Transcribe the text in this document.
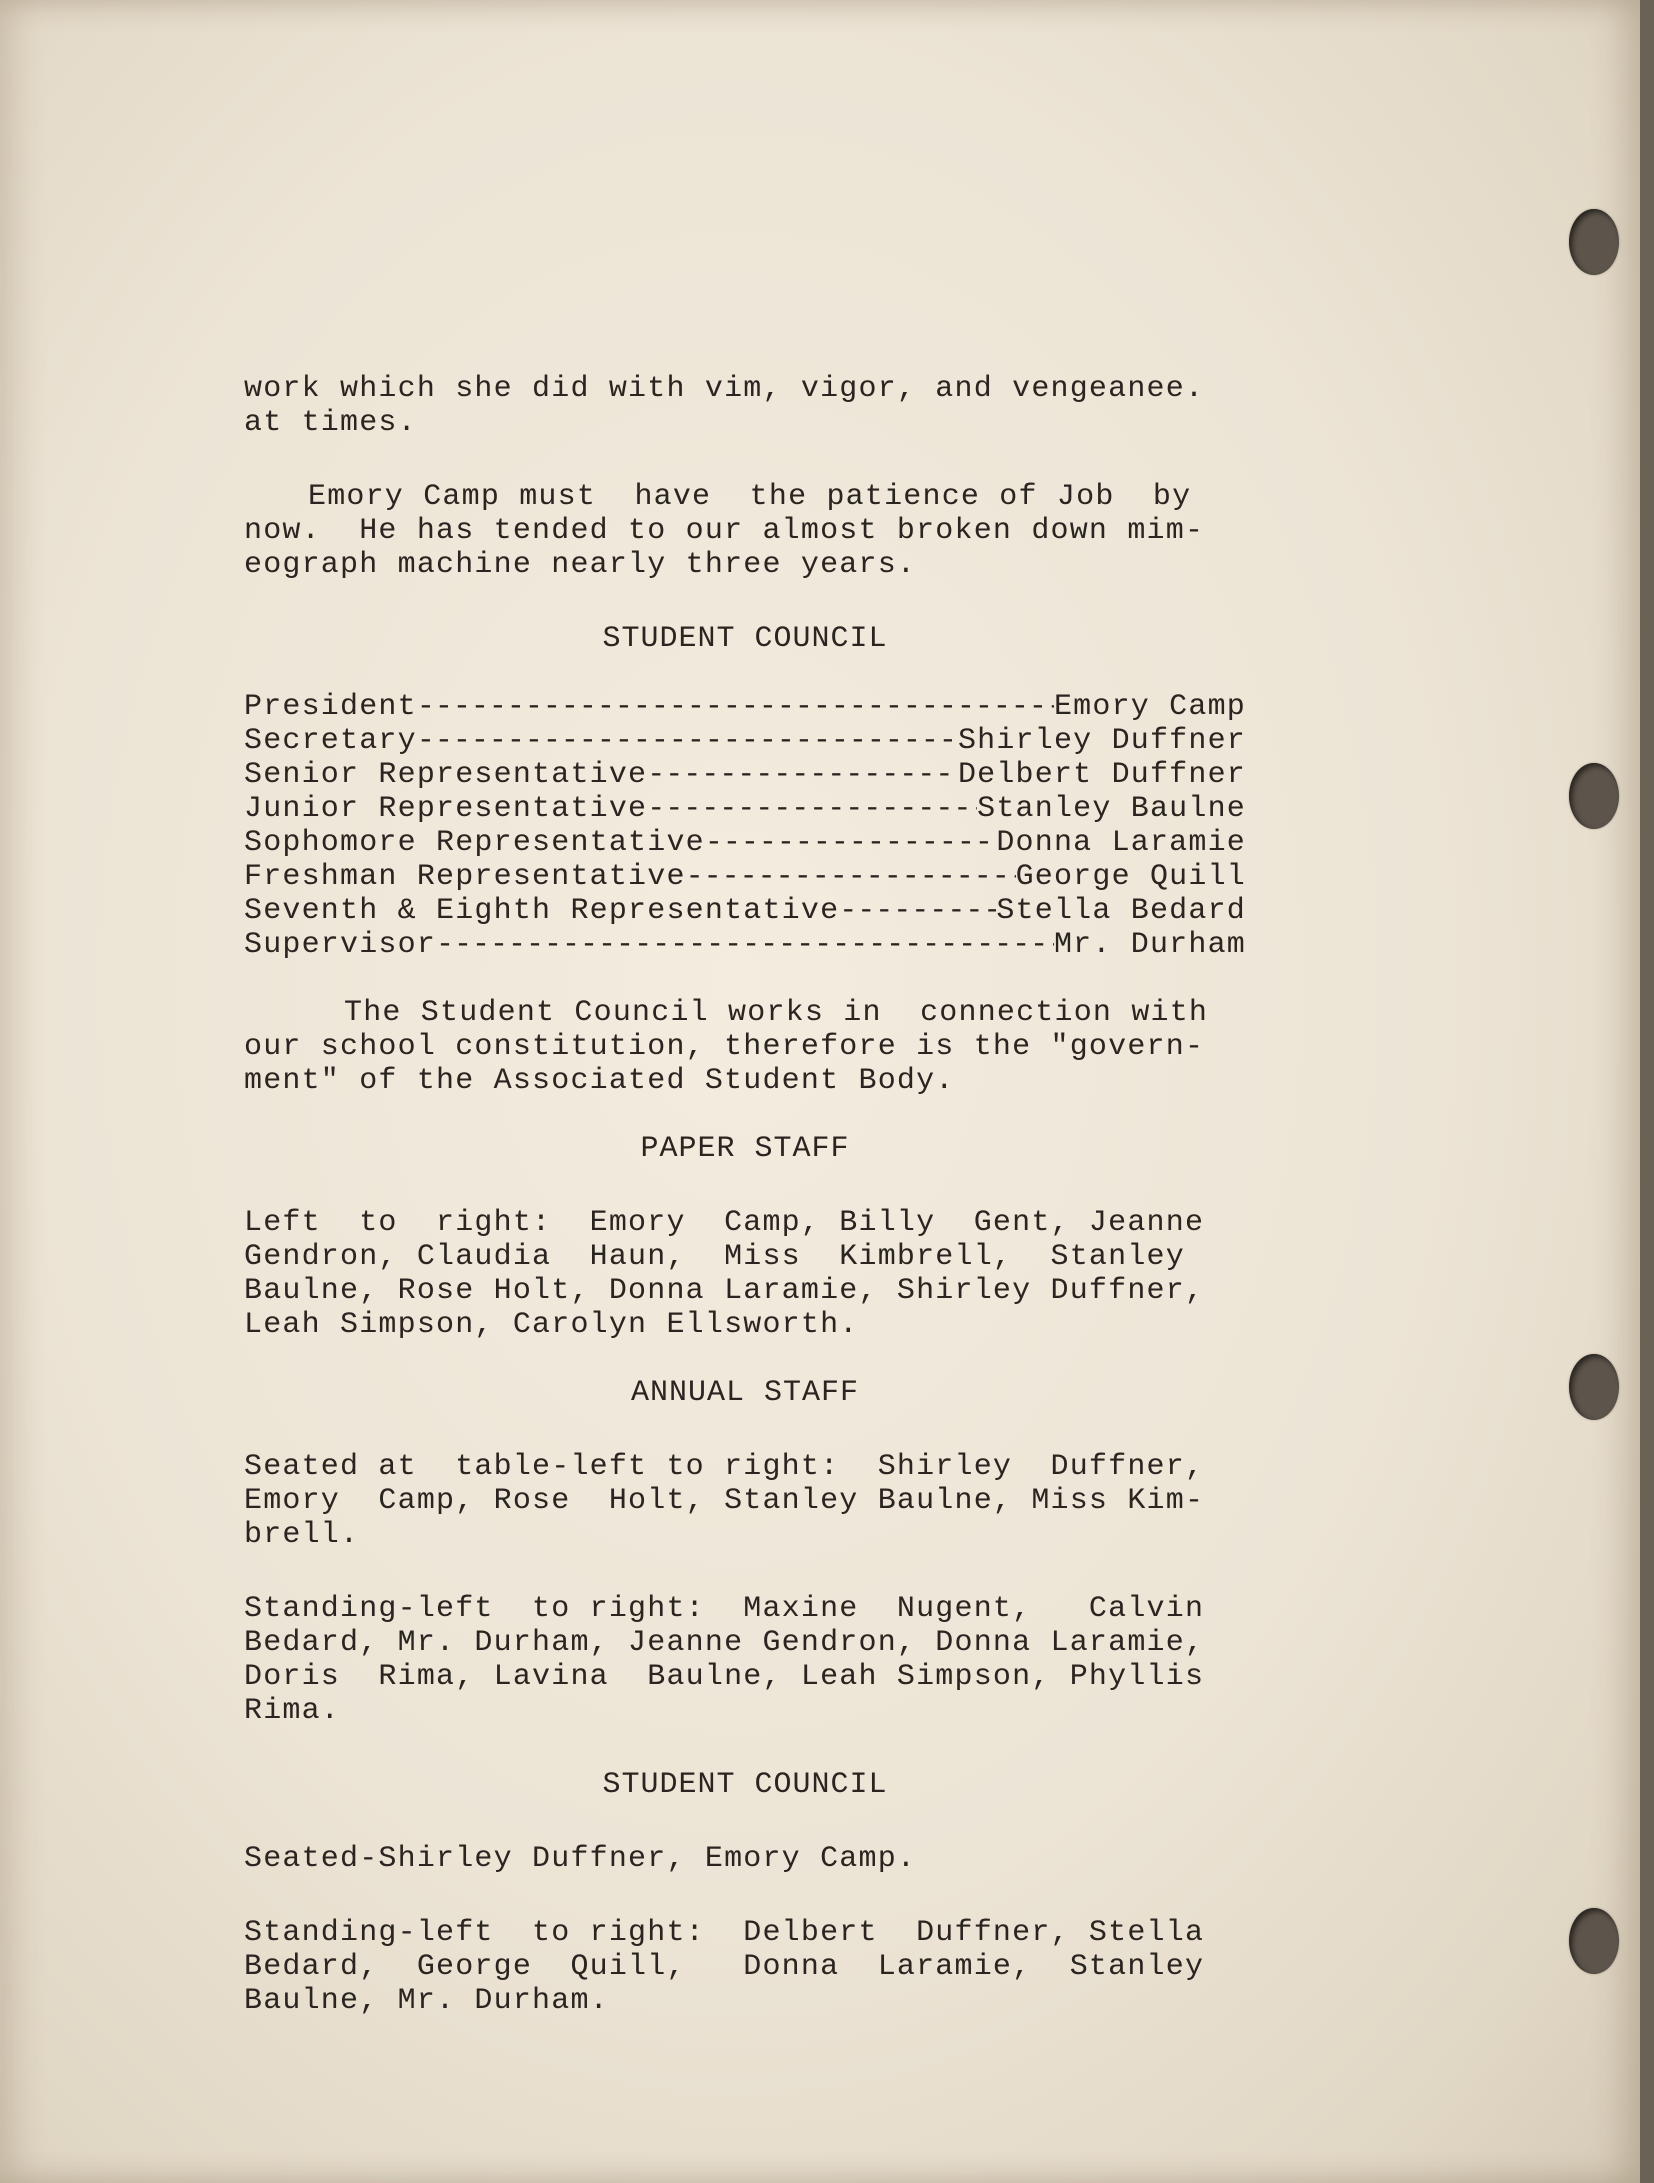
work which she did with vim, vigor, and vengeanee.

at times.

Emory Camp must  have  the patience of Job  by

now.  He has tended to our almost broken down mim-

eograph machine nearly three years.

STUDENT COUNCIL

President -----	Emory Camp
Secretary -----	Shirley Duffner
Senior Representative -----	Delbert Duffner
Junior Representative -----	Stanley Baulne
Sophomore Representative -----	Donna Laramie
Freshman Representative -----	George Quill
Seventh & Eighth Representative -----	Stella Bedard
Supervisor -----	Mr. Durham

The Student Council works in  connection with

our school constitution, therefore is the "govern-

ment" of the Associated Student Body.

PAPER STAFF

Left  to  right:  Emory  Camp, Billy  Gent, Jeanne

Gendron, Claudia  Haun,  Miss  Kimbrell,  Stanley

Baulne, Rose Holt, Donna Laramie, Shirley Duffner,

Leah Simpson, Carolyn Ellsworth.

ANNUAL STAFF

Seated at  table-left to right:  Shirley  Duffner,

Emory  Camp, Rose  Holt, Stanley Baulne, Miss Kim-

brell.

Standing-left  to right:  Maxine  Nugent,   Calvin

Bedard, Mr. Durham, Jeanne Gendron, Donna Laramie,

Doris  Rima, Lavina  Baulne, Leah Simpson, Phyllis

Rima.

STUDENT COUNCIL

Seated-Shirley Duffner, Emory Camp.

Standing-left  to right:  Delbert  Duffner, Stella

Bedard,  George  Quill,   Donna  Laramie,  Stanley

Baulne, Mr. Durham.
